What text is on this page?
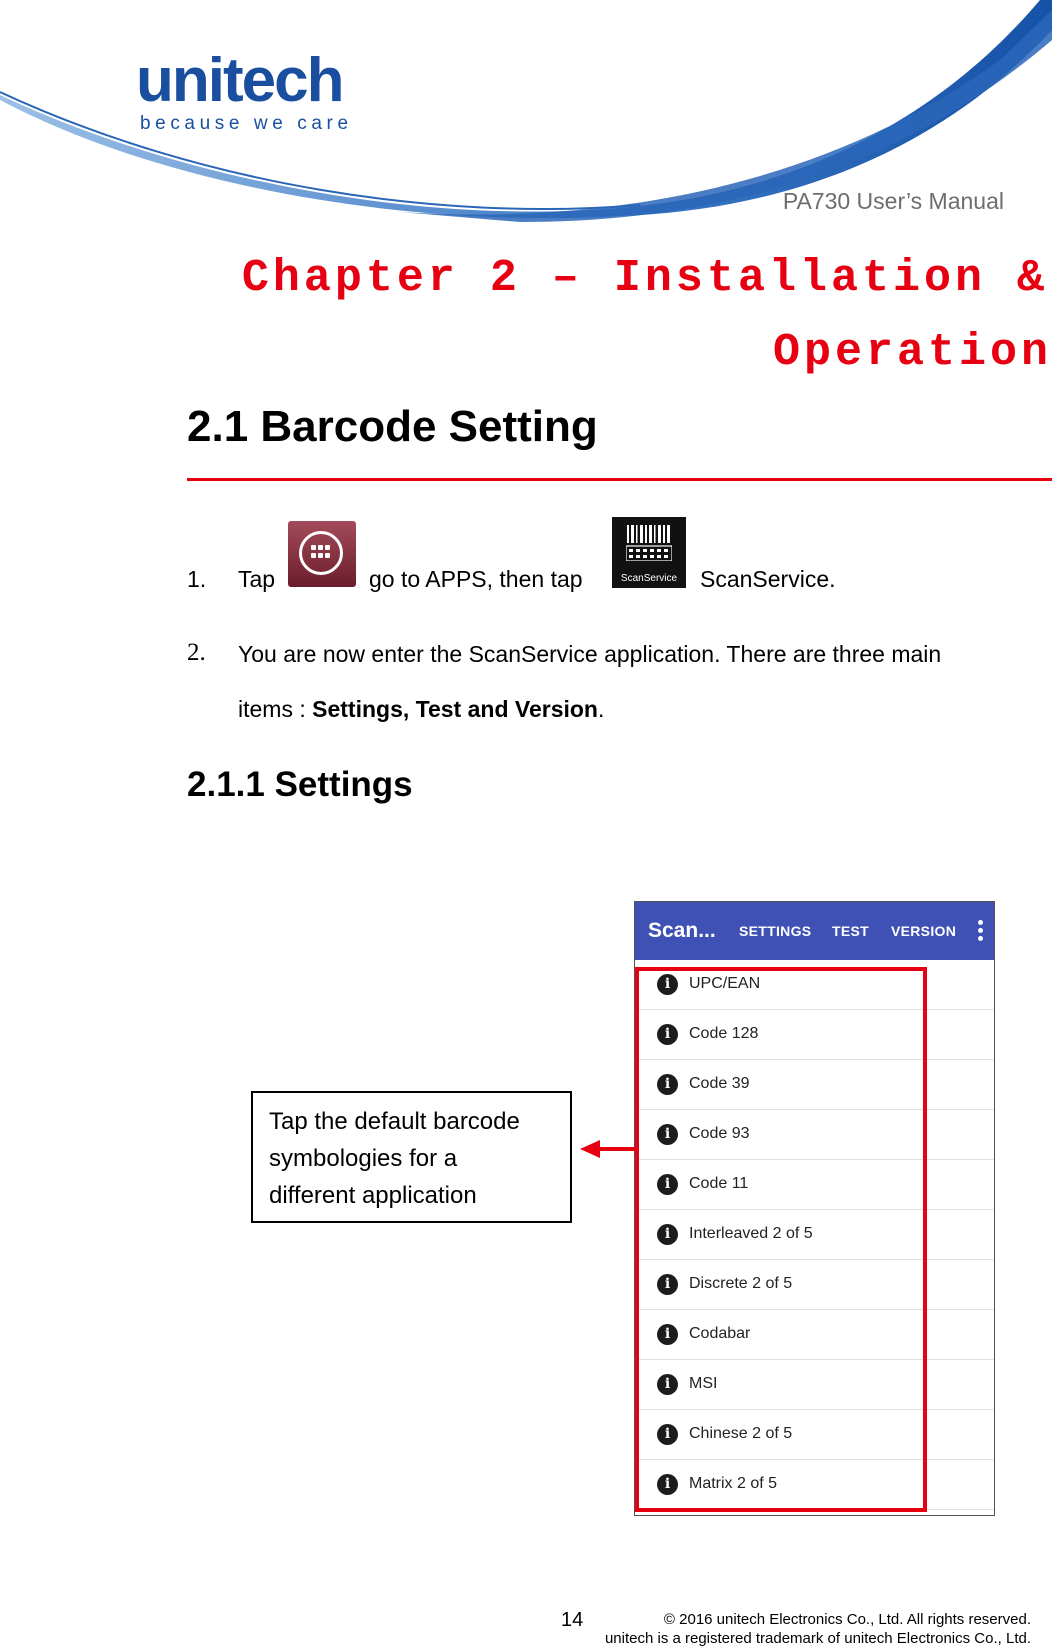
unitech
because we care
PA730 User’s Manual
Chapter 2 – Installation &
Operation
2.1 Barcode Setting
1. Tap	go to APPS, then tap	ScanService ScanService.
2. You are now enter the ScanService application. There are three main
items : Settings, Test and Version.
2.1.1 Settings
Scan... SETTINGS TEST VERSION
i	UPC/EAN
i	Code 128
i	Code 39
i	Code 93
i	Code 11
i	Interleaved 2 of 5
i	Discrete 2 of 5
i	Codabar
i	MSI
i	Chinese 2 of 5
i	Matrix 2 of 5
Tap the default barcode
symbologies for a
different application
14	© 2016 unitech Electronics Co., Ltd. All rights reserved.
unitech is a registered trademark of unitech Electronics Co., Ltd.
